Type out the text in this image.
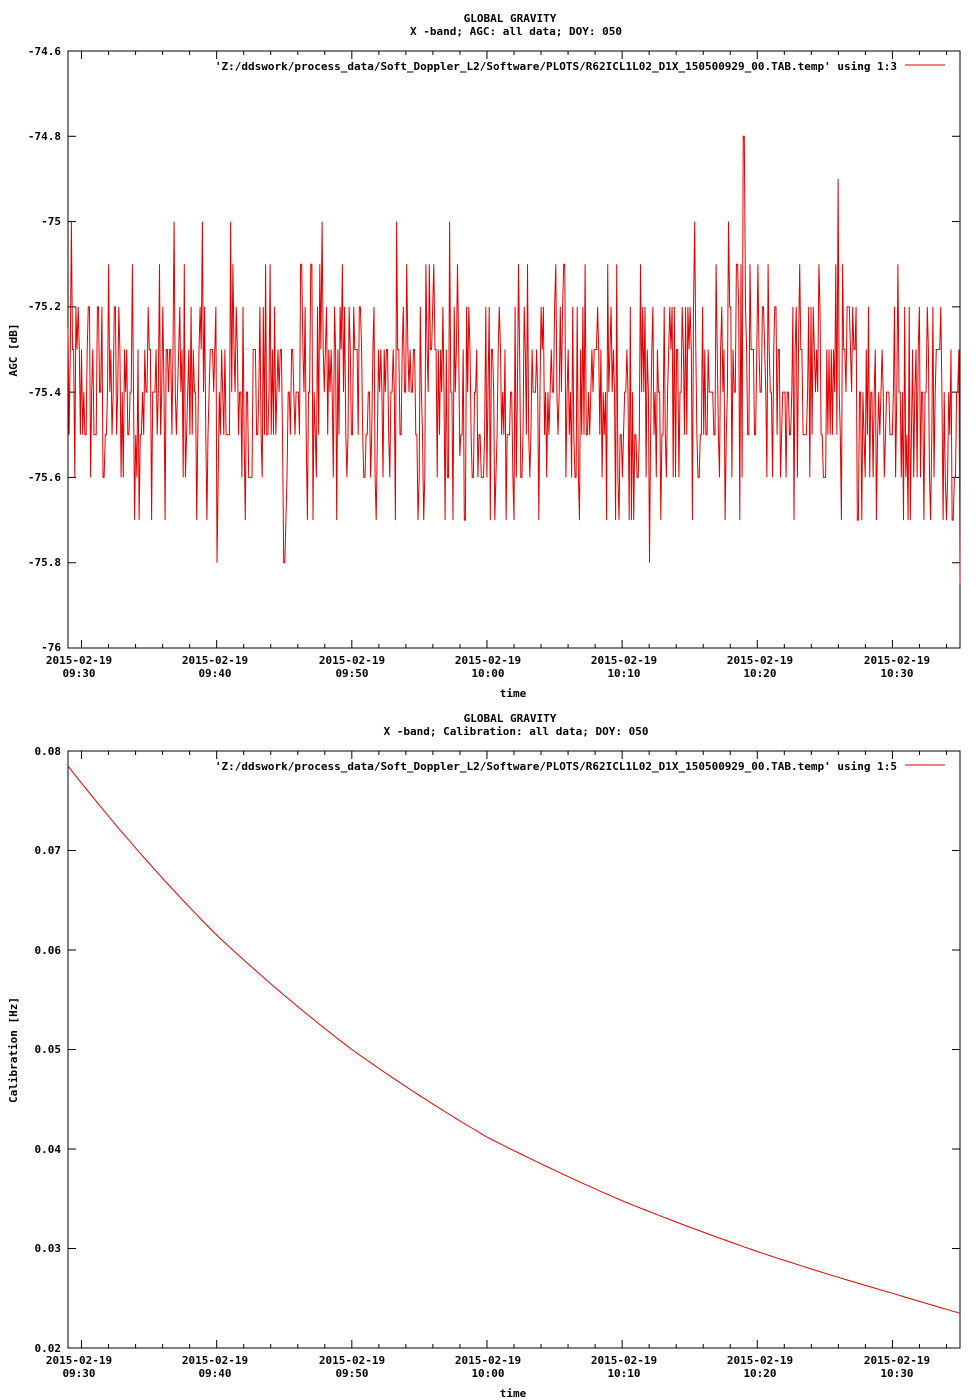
GLOBAL GRAVITY
X -band; AGC: all data; DOY: 050
AGC [dB]
time
'Z:/ddswork/process_data/Soft_Doppler_L2/Software/PLOTS/R62ICL1L02_D1X_150500929_00.TAB.temp' using 1:3
-74.6
-74.8
-75
-75.2
-75.4
-75.6
-75.8
-76
2015-02-19
09:30
2015-02-19
09:40
2015-02-19
09:50
2015-02-19
10:00
2015-02-19
10:10
2015-02-19
10:20
2015-02-19
10:30
GLOBAL GRAVITY
X -band; Calibration: all data; DOY: 050
Calibration [Hz]
time
'Z:/ddswork/process_data/Soft_Doppler_L2/Software/PLOTS/R62ICL1L02_D1X_150500929_00.TAB.temp' using 1:5
0.08
0.07
0.06
0.05
0.04
0.03
0.02
2015-02-19
09:30
2015-02-19
09:40
2015-02-19
09:50
2015-02-19
10:00
2015-02-19
10:10
2015-02-19
10:20
2015-02-19
10:30
